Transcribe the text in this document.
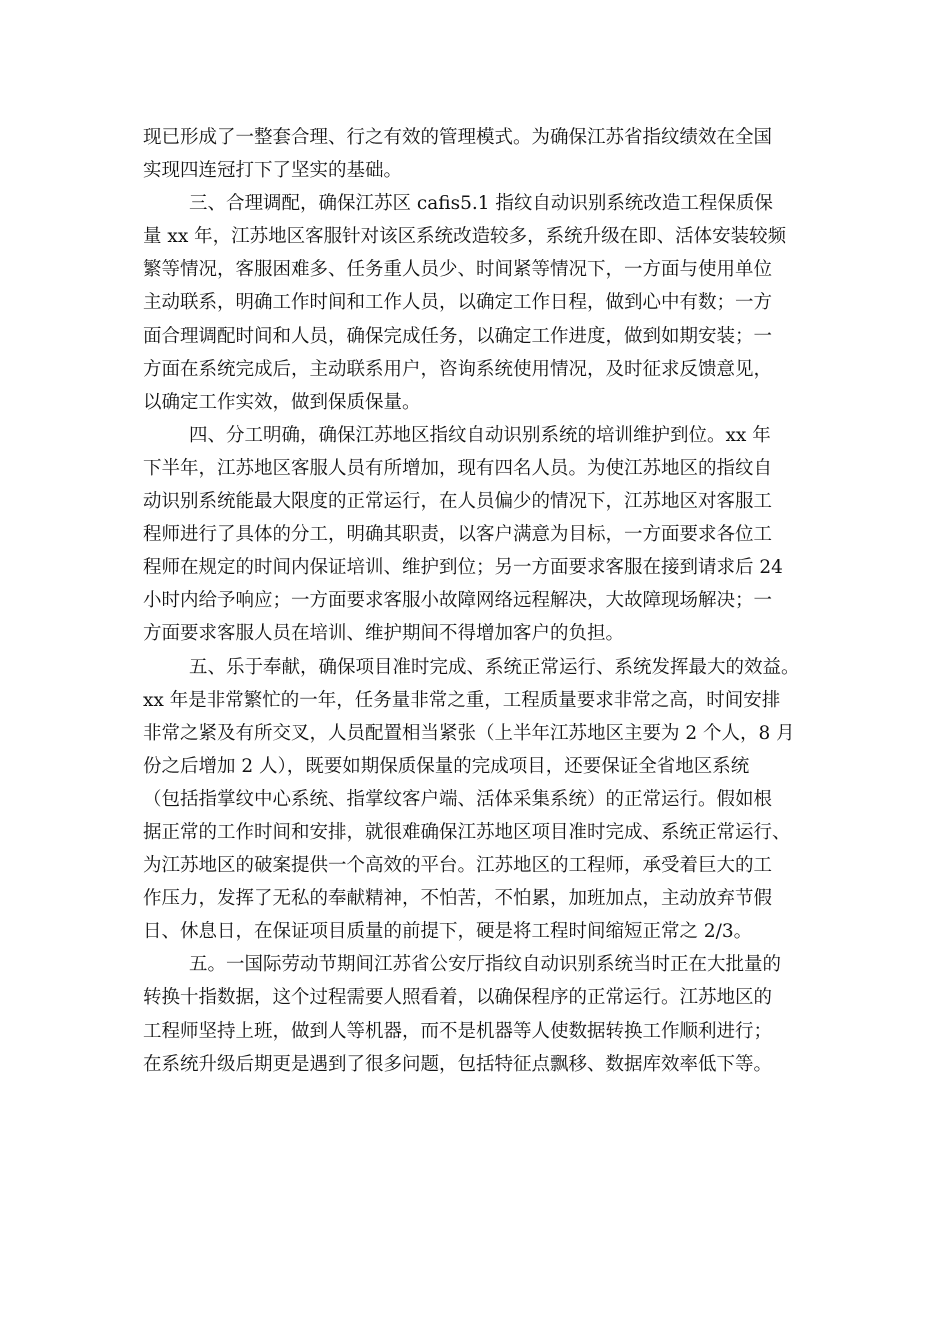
现已形成了一整套合理、行之有效的管理模式。为确保江苏省指纹绩效在全国
实现四连冠打下了坚实的基础。
三、合理调配，确保江苏区 cafis5.1 指纹自动识别系统改造工程保质保
量 xx 年，江苏地区客服针对该区系统改造较多，系统升级在即、活体安装较频
繁等情况，客服困难多、任务重人员少、时间紧等情况下，一方面与使用单位
主动联系，明确工作时间和工作人员，以确定工作日程，做到心中有数；一方
面合理调配时间和人员，确保完成任务，以确定工作进度，做到如期安装；一
方面在系统完成后，主动联系用户，咨询系统使用情况，及时征求反馈意见，
以确定工作实效，做到保质保量。
四、分工明确，确保江苏地区指纹自动识别系统的培训维护到位。xx 年
下半年，江苏地区客服人员有所增加，现有四名人员。为使江苏地区的指纹自
动识别系统能最大限度的正常运行，在人员偏少的情况下，江苏地区对客服工
程师进行了具体的分工，明确其职责，以客户满意为目标，一方面要求各位工
程师在规定的时间内保证培训、维护到位；另一方面要求客服在接到请求后 24
小时内给予响应；一方面要求客服小故障网络远程解决，大故障现场解决；一
方面要求客服人员在培训、维护期间不得增加客户的负担。
五、乐于奉献，确保项目准时完成、系统正常运行、系统发挥最大的效益。
xx 年是非常繁忙的一年，任务量非常之重，工程质量要求非常之高，时间安排
非常之紧及有所交叉，人员配置相当紧张（上半年江苏地区主要为 2 个人，8 月
份之后增加 2 人），既要如期保质保量的完成项目，还要保证全省地区系统
（包括指掌纹中心系统、指掌纹客户端、活体采集系统）的正常运行。假如根
据正常的工作时间和安排，就很难确保江苏地区项目准时完成、系统正常运行、
为江苏地区的破案提供一个高效的平台。江苏地区的工程师，承受着巨大的工
作压力，发挥了无私的奉献精神，不怕苦，不怕累，加班加点，主动放弃节假
日、休息日，在保证项目质量的前提下，硬是将工程时间缩短正常之 2/3。
五。一国际劳动节期间江苏省公安厅指纹自动识别系统当时正在大批量的
转换十指数据，这个过程需要人照看着，以确保程序的正常运行。江苏地区的
工程师坚持上班，做到人等机器，而不是机器等人使数据转换工作顺利进行；
在系统升级后期更是遇到了很多问题，包括特征点飘移、数据库效率低下等。
